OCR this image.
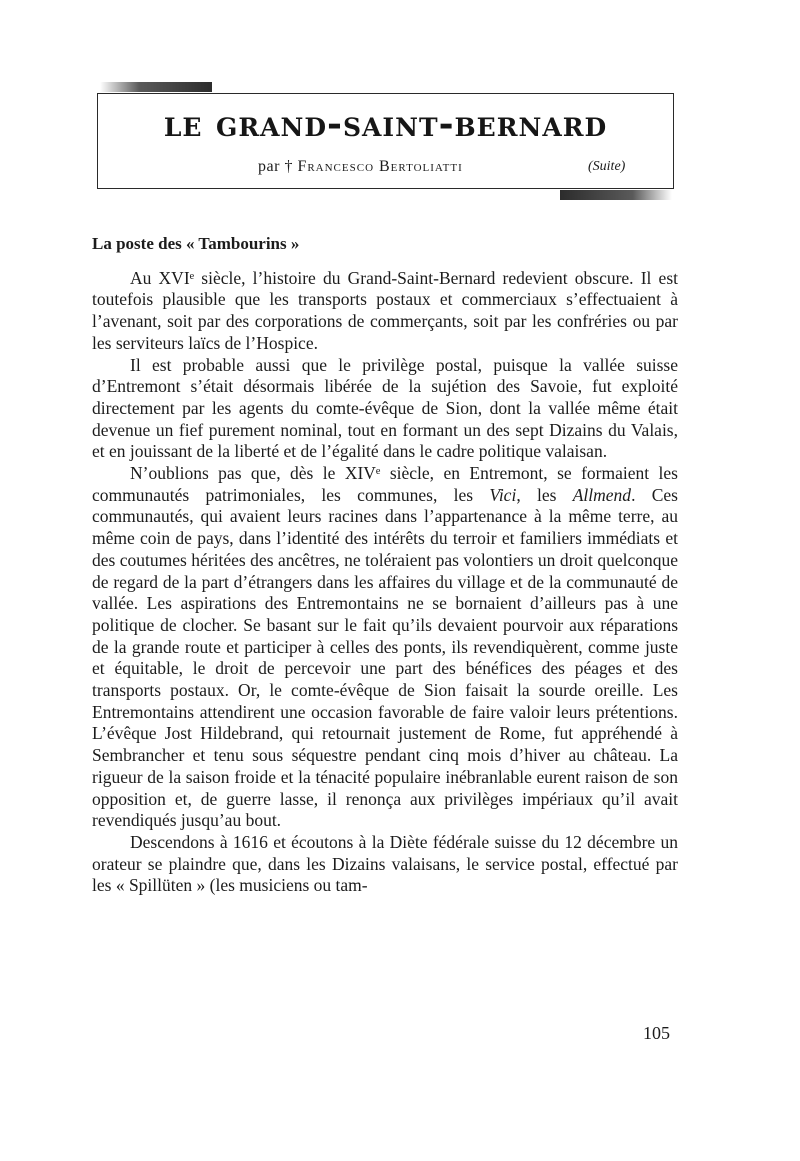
le grand-saint-bernard
par † Francesco Bertoliatti	(Suite)
La poste des « Tambourins »

Au XVIᵉ siècle, l’histoire du Grand-Saint-Bernard redevient obscure. Il est toutefois plausible que les transports postaux et commerciaux s’effectuaient à l’avenant, soit par des corporations de commerçants, soit par les confréries ou par les serviteurs laïcs de l’Hospice.

Il est probable aussi que le privilège postal, puisque la vallée suisse d’Entremont s’était désormais libérée de la sujétion des Savoie, fut exploité directement par les agents du comte-évêque de Sion, dont la vallée même était devenue un fief purement nominal, tout en formant un des sept Dizains du Valais, et en jouissant de la liberté et de l’égalité dans le cadre politique valaisan.

N’oublions pas que, dès le XIVᵉ siècle, en Entremont, se formaient les communautés patrimoniales, les communes, les Vici, les Allmend. Ces communautés, qui avaient leurs racines dans l’appartenance à la même terre, au même coin de pays, dans l’identité des intérêts du terroir et familiers immédiats et des coutumes héritées des ancêtres, ne toléraient pas volontiers un droit quelconque de regard de la part d’étrangers dans les affaires du village et de la communauté de vallée. Les aspirations des Entremontains ne se bornaient d’ailleurs pas à une politique de clocher. Se basant sur le fait qu’ils devaient pourvoir aux réparations de la grande route et participer à celles des ponts, ils revendiquèrent, comme juste et équitable, le droit de percevoir une part des bénéfices des péages et des transports postaux. Or, le comte-évêque de Sion faisait la sourde oreille. Les Entremontains attendirent une occasion favorable de faire valoir leurs prétentions. L’évêque Jost Hildebrand, qui retournait justement de Rome, fut appréhendé à Sembrancher et tenu sous séquestre pendant cinq mois d’hiver au château. La rigueur de la saison froide et la ténacité populaire inébranlable eurent raison de son opposition et, de guerre lasse, il renonça aux privilèges impériaux qu’il avait revendiqués jusqu’au bout.

Descendons à 1616 et écoutons à la Diète fédérale suisse du 12 décembre un orateur se plaindre que, dans les Dizains valaisans, le service postal, effectué par les « Spillüten » (les musiciens ou tam-

105
